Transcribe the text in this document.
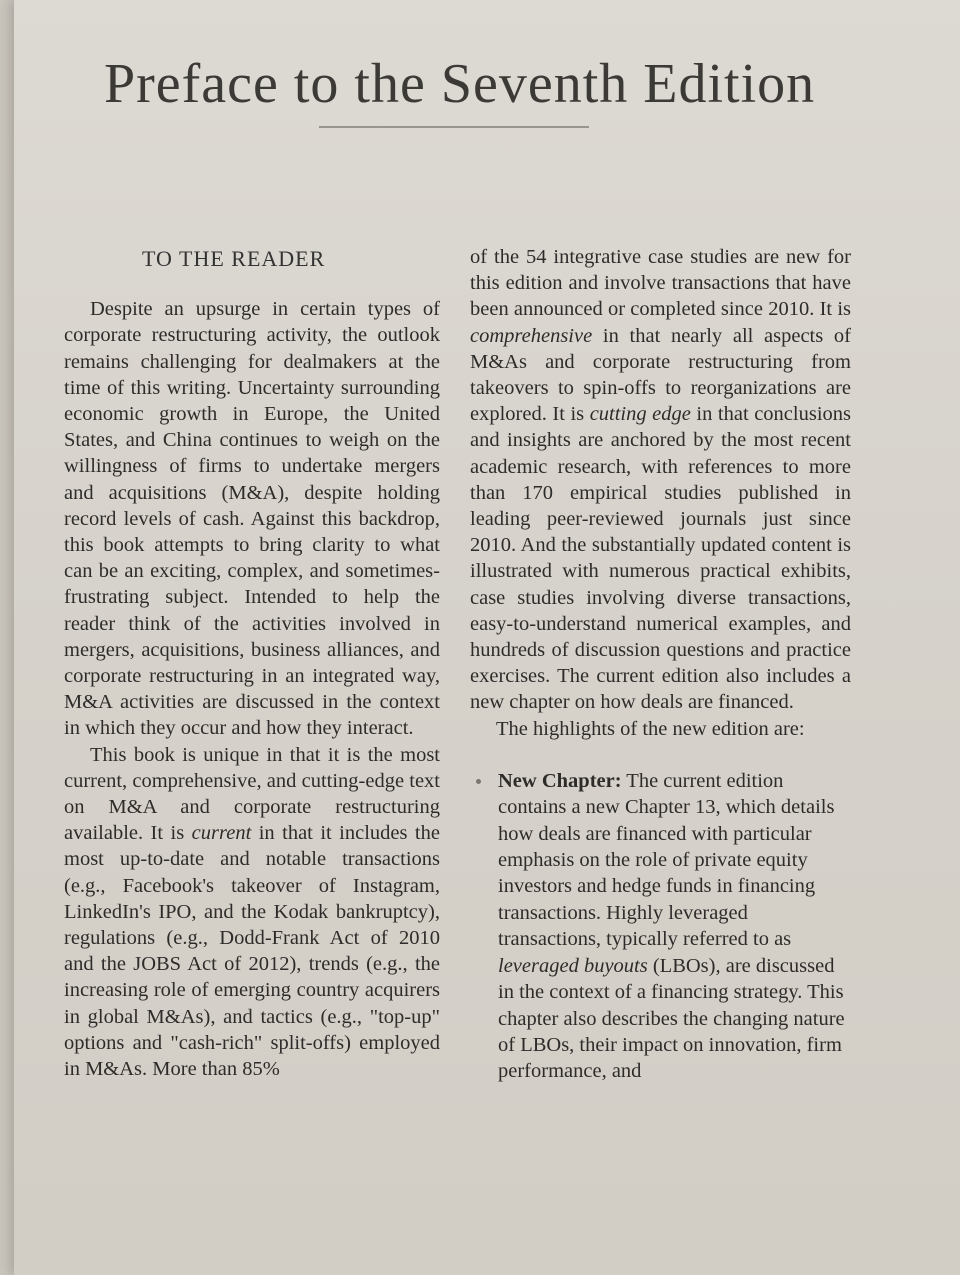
Preface to the Seventh Edition
TO THE READER

Despite an upsurge in certain types of corporate restructuring activity, the outlook remains challenging for dealmakers at the time of this writing. Uncertainty surrounding economic growth in Europe, the United States, and China continues to weigh on the willingness of firms to undertake mergers and acquisitions (M&A), despite holding record levels of cash. Against this backdrop, this book attempts to bring clarity to what can be an exciting, complex, and sometimes-frustrating subject. Intended to help the reader think of the activities involved in mergers, acquisitions, business alliances, and corporate restructuring in an integrated way, M&A activities are discussed in the context in which they occur and how they interact.

This book is unique in that it is the most current, comprehensive, and cutting-edge text on M&A and corporate restructuring available. It is current in that it includes the most up-to-date and notable transactions (e.g., Facebook's takeover of Instagram, LinkedIn's IPO, and the Kodak bankruptcy), regulations (e.g., Dodd-Frank Act of 2010 and the JOBS Act of 2012), trends (e.g., the increasing role of emerging country acquirers in global M&As), and tactics (e.g., "top-up" options and "cash-rich" split-offs) employed in M&As. More than 85%

of the 54 integrative case studies are new for this edition and involve transactions that have been announced or completed since 2010. It is comprehensive in that nearly all aspects of M&As and corporate restructuring from takeovers to spin-offs to reorganizations are explored. It is cutting edge in that conclusions and insights are anchored by the most recent academic research, with references to more than 170 empirical studies published in leading peer-reviewed journals just since 2010. And the substantially updated content is illustrated with numerous practical exhibits, case studies involving diverse transactions, easy-to-understand numerical examples, and hundreds of discussion questions and practice exercises. The current edition also includes a new chapter on how deals are financed.

The highlights of the new edition are:

New Chapter: The current edition contains a new Chapter 13, which details how deals are financed with particular emphasis on the role of private equity investors and hedge funds in financing transactions. Highly leveraged transactions, typically referred to as leveraged buyouts (LBOs), are discussed in the context of a financing strategy. This chapter also describes the changing nature of LBOs, their impact on innovation, firm performance, and
